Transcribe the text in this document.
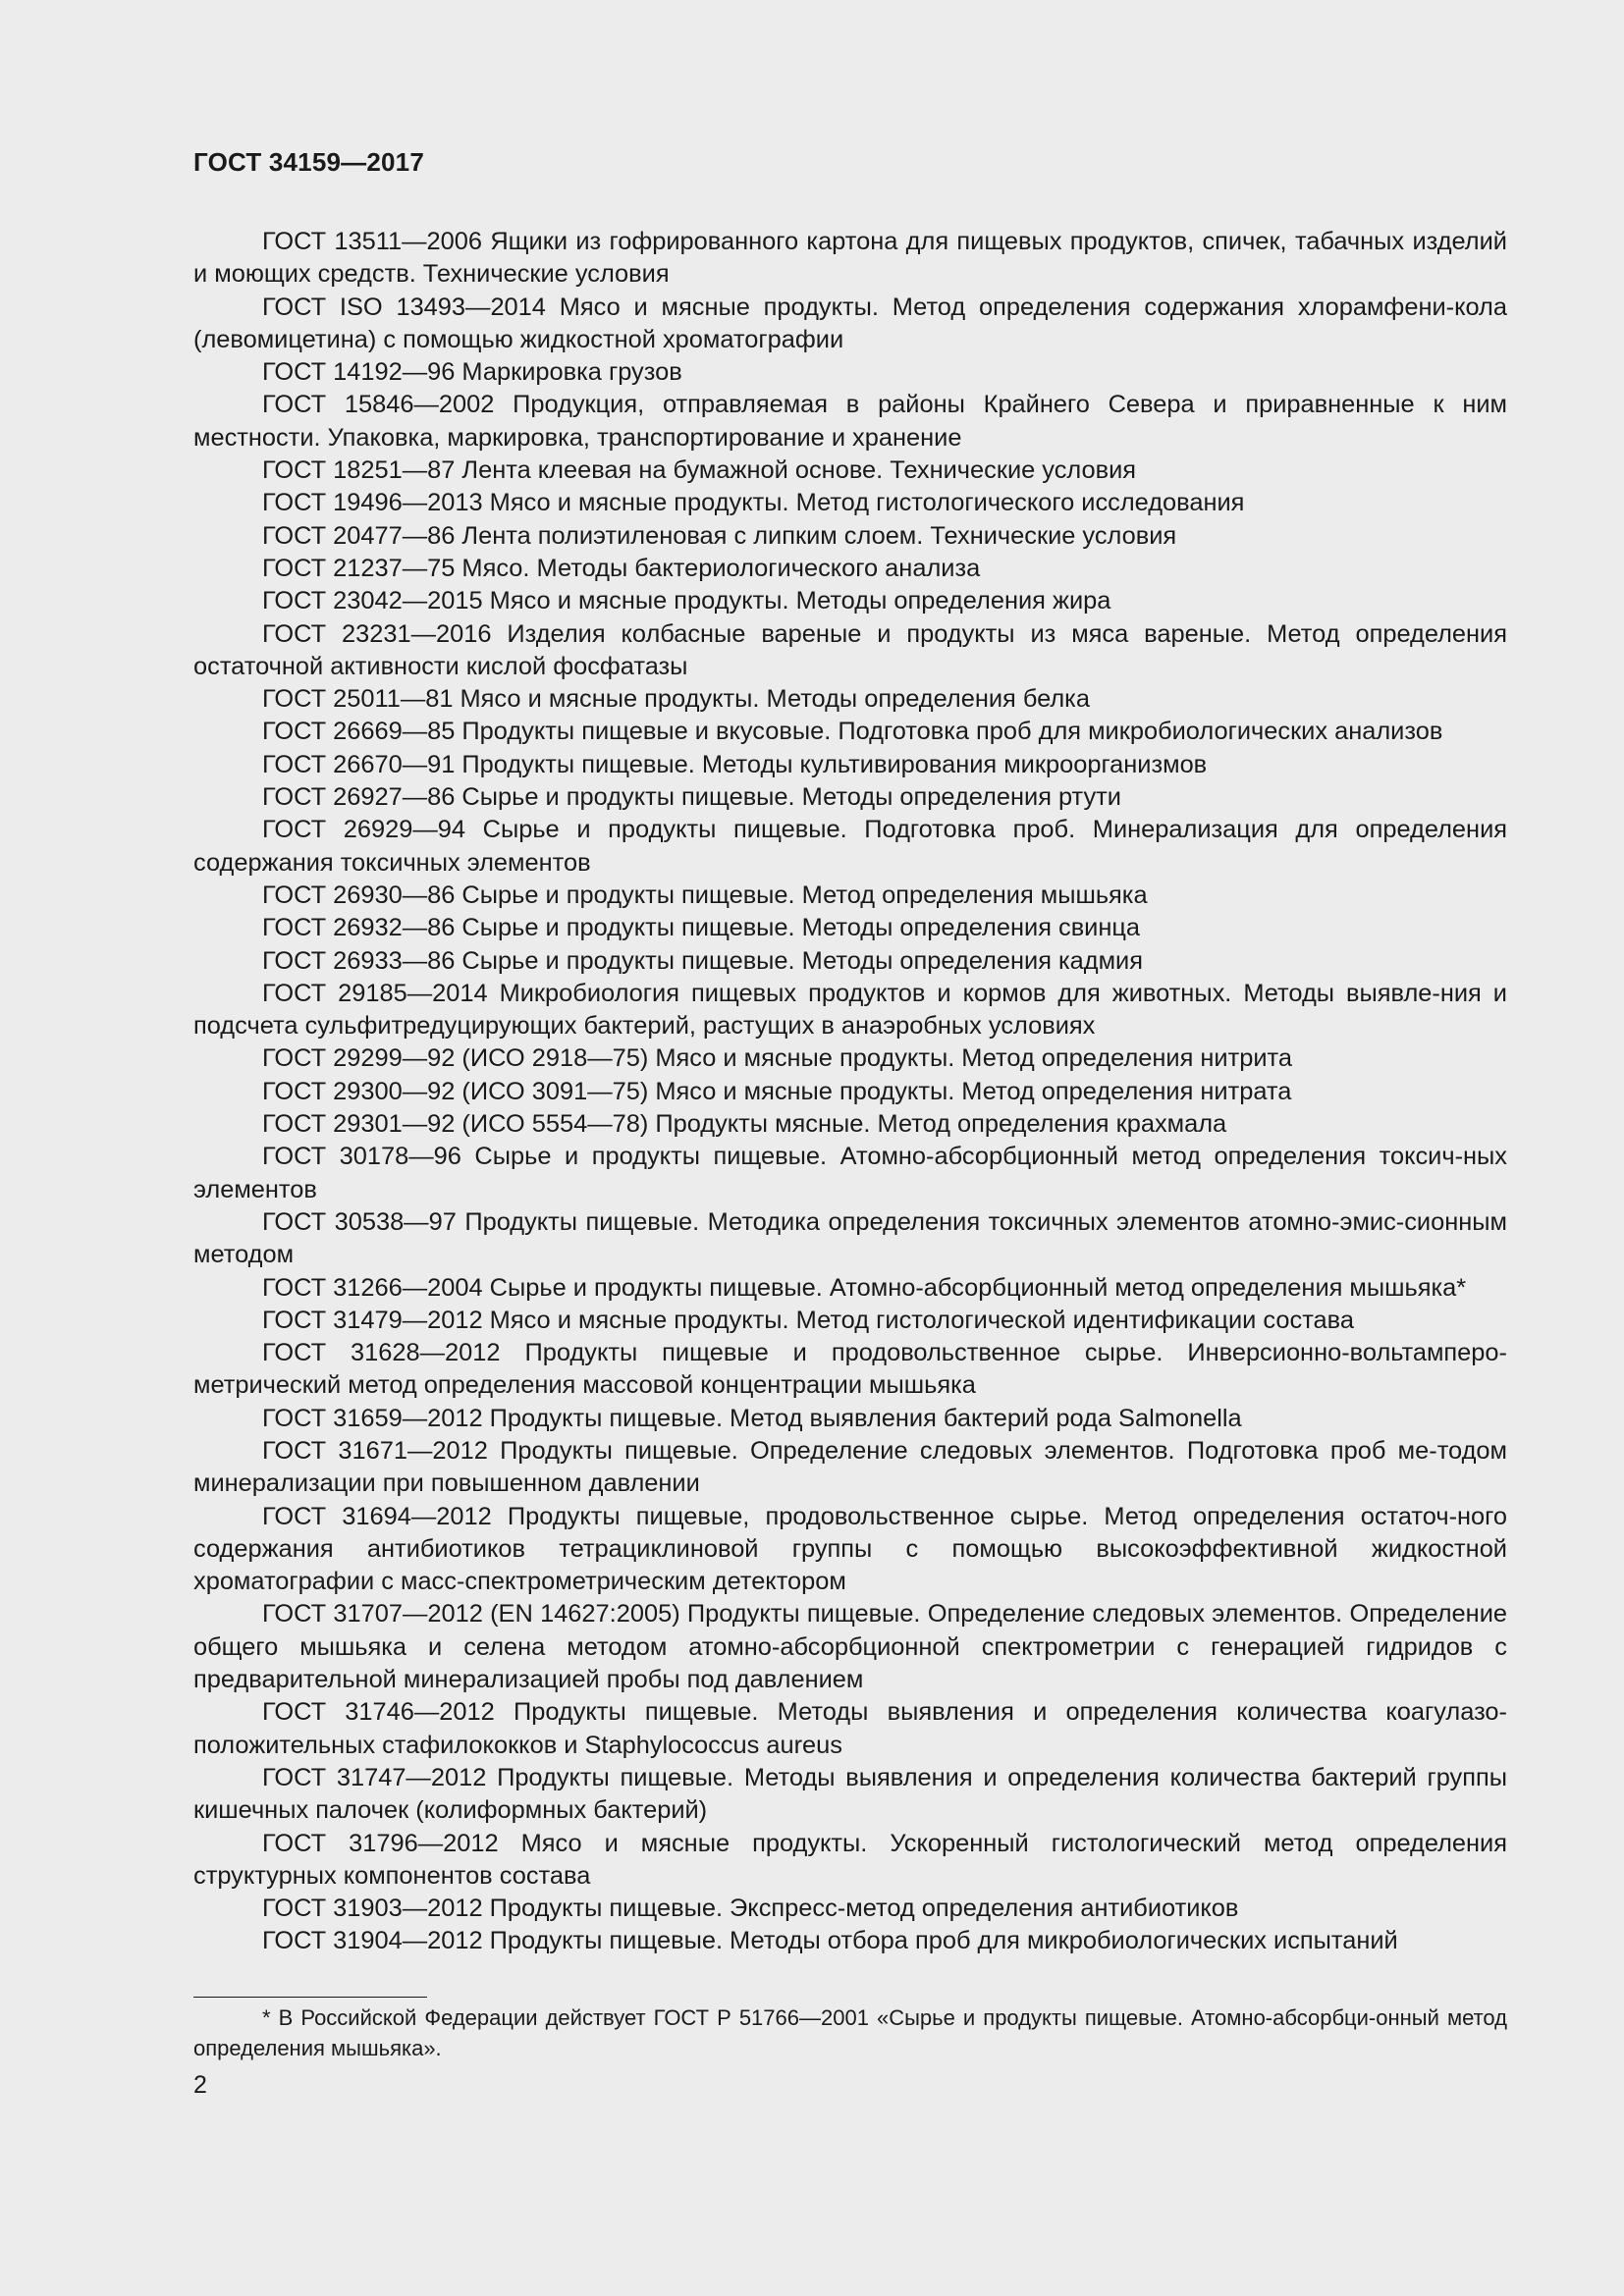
ГОСТ 34159—2017

ГОСТ 13511—2006 Ящики из гофрированного картона для пищевых продуктов, спичек, табачных изделий и моющих средств. Технические условия

ГОСТ ISO 13493—2014 Мясо и мясные продукты. Метод определения содержания хлорамфени-кола (левомицетина) с помощью жидкостной хроматографии

ГОСТ 14192—96 Маркировка грузов

ГОСТ 15846—2002 Продукция, отправляемая в районы Крайнего Севера и приравненные к ним местности. Упаковка, маркировка, транспортирование и хранение

ГОСТ 18251—87 Лента клеевая на бумажной основе. Технические условия

ГОСТ 19496—2013 Мясо и мясные продукты. Метод гистологического исследования

ГОСТ 20477—86 Лента полиэтиленовая с липким слоем. Технические условия

ГОСТ 21237—75 Мясо. Методы бактериологического анализа

ГОСТ 23042—2015 Мясо и мясные продукты. Методы определения жира

ГОСТ 23231—2016 Изделия колбасные вареные и продукты из мяса вареные. Метод определения остаточной активности кислой фосфатазы

ГОСТ 25011—81 Мясо и мясные продукты. Методы определения белка

ГОСТ 26669—85 Продукты пищевые и вкусовые. Подготовка проб для микробиологических анализов

ГОСТ 26670—91 Продукты пищевые. Методы культивирования микроорганизмов

ГОСТ 26927—86 Сырье и продукты пищевые. Методы определения ртути

ГОСТ 26929—94 Сырье и продукты пищевые. Подготовка проб. Минерализация для определения содержания токсичных элементов

ГОСТ 26930—86 Сырье и продукты пищевые. Метод определения мышьяка

ГОСТ 26932—86 Сырье и продукты пищевые. Методы определения свинца

ГОСТ 26933—86 Сырье и продукты пищевые. Методы определения кадмия

ГОСТ 29185—2014 Микробиология пищевых продуктов и кормов для животных. Методы выявле-ния и подсчета сульфитредуцирующих бактерий, растущих в анаэробных условиях

ГОСТ 29299—92 (ИСО 2918—75) Мясо и мясные продукты. Метод определения нитрита

ГОСТ 29300—92 (ИСО 3091—75) Мясо и мясные продукты. Метод определения нитрата

ГОСТ 29301—92 (ИСО 5554—78) Продукты мясные. Метод определения крахмала

ГОСТ 30178—96 Сырье и продукты пищевые. Атомно-абсорбционный метод определения токсич-ных элементов

ГОСТ 30538—97 Продукты пищевые. Методика определения токсичных элементов атомно-эмис-сионным методом

ГОСТ 31266—2004 Сырье и продукты пищевые. Атомно-абсорбционный метод определения мышьяка*

ГОСТ 31479—2012 Мясо и мясные продукты. Метод гистологической идентификации состава

ГОСТ 31628—2012 Продукты пищевые и продовольственное сырье. Инверсионно-вольтамперо-метрический метод определения массовой концентрации мышьяка

ГОСТ 31659—2012 Продукты пищевые. Метод выявления бактерий рода Salmonella

ГОСТ 31671—2012 Продукты пищевые. Определение следовых элементов. Подготовка проб ме-тодом минерализации при повышенном давлении

ГОСТ 31694—2012 Продукты пищевые, продовольственное сырье. Метод определения остаточ-ного содержания антибиотиков тетрациклиновой группы с помощью высокоэффективной жидкостной хроматографии с масс-спектрометрическим детектором

ГОСТ 31707—2012 (EN 14627:2005) Продукты пищевые. Определение следовых элементов. Определение общего мышьяка и селена методом атомно-абсорбционной спектрометрии с генерацией гидридов с предварительной минерализацией пробы под давлением

ГОСТ 31746—2012 Продукты пищевые. Методы выявления и определения количества коагулазо-положительных стафилококков и Staphylococcus aureus

ГОСТ 31747—2012 Продукты пищевые. Методы выявления и определения количества бактерий группы кишечных палочек (колиформных бактерий)

ГОСТ 31796—2012 Мясо и мясные продукты. Ускоренный гистологический метод определения структурных компонентов состава

ГОСТ 31903—2012 Продукты пищевые. Экспресс-метод определения антибиотиков

ГОСТ 31904—2012 Продукты пищевые. Методы отбора проб для микробиологических испытаний

* В Российской Федерации действует ГОСТ Р 51766—2001 «Сырье и продукты пищевые. Атомно-абсорбци-онный метод определения мышьяка».

2
